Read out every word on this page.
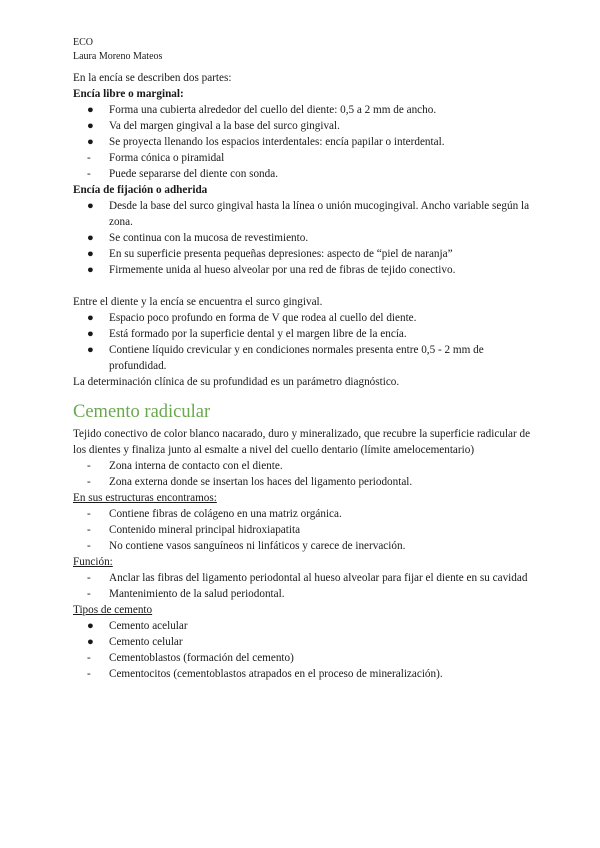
ECO

Laura Moreno Mateos

En la encía se describen dos partes:

Encía libre o marginal:

●	Forma una cubierta alrededor del cuello del diente: 0,5 a 2 mm de ancho.
●	Va del margen gingival a la base del surco gingival.
●	Se proyecta llenando los espacios interdentales: encía papilar o interdental.
-	Forma cónica o piramidal
-	Puede separarse del diente con sonda.

Encía de fijación o adherida

●	Desde la base del surco gingival hasta la línea o unión mucogingival. Ancho variable según la zona.
●	Se continua con la mucosa de revestimiento.
●	En su superficie presenta pequeñas depresiones: aspecto de “piel de naranja”
●	Firmemente unida al hueso alveolar por una red de fibras de tejido conectivo.

Entre el diente y la encía se encuentra el surco gingival.

●	Espacio poco profundo en forma de V que rodea al cuello del diente.
●	Está formado por la superficie dental y el margen libre de la encía.
●	Contiene líquido crevicular y en condiciones normales presenta entre 0,5 - 2 mm de profundidad.

La determinación clínica de su profundidad es un parámetro diagnóstico.

Cemento radicular

Tejido conectivo de color blanco nacarado, duro y mineralizado, que recubre la superficie radicular de los dientes y finaliza junto al esmalte a nivel del cuello dentario (límite amelocementario)

-	Zona interna de contacto con el diente.
-	Zona externa donde se insertan los haces del ligamento periodontal.

En sus estructuras encontramos:

-	Contiene fibras de colágeno en una matriz orgánica.
-	Contenido mineral principal hidroxiapatita
-	No contiene vasos sanguíneos ni linfáticos y carece de inervación.

Función:

-	Anclar las fibras del ligamento periodontal al hueso alveolar para fijar el diente en su cavidad
-	Mantenimiento de la salud periodontal.

Tipos de cemento

●	Cemento acelular
●	Cemento celular
-	Cementoblastos (formación del cemento)
-	Cementocitos (cementoblastos atrapados en el proceso de mineralización).
